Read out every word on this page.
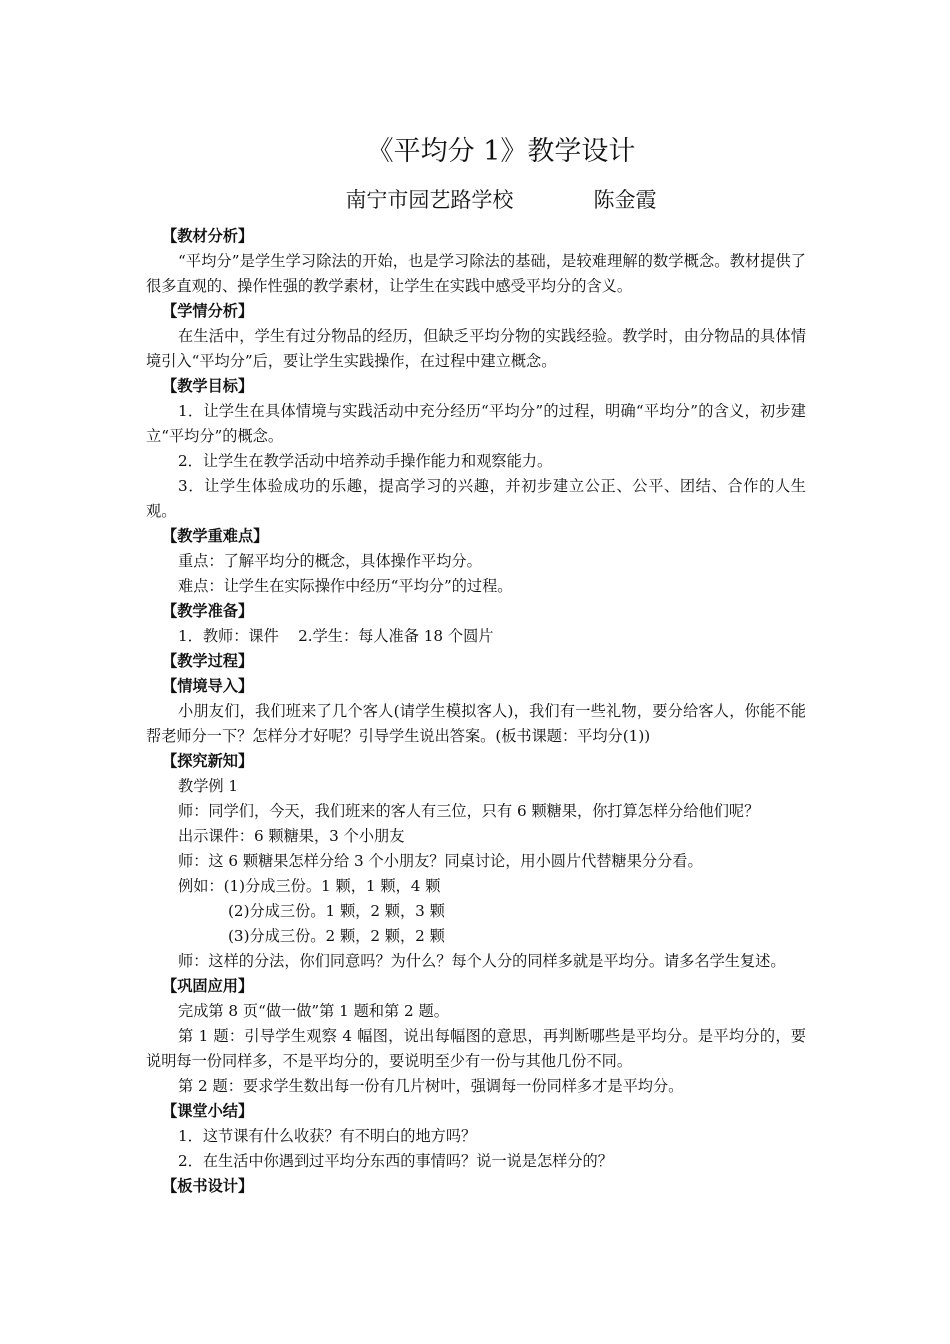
《平均分 1》教学设计
南宁市园艺路学校            陈金霞
【教材分析】
“平均分”是学生学习除法的开始，也是学习除法的基础，是较难理解的数学概念。教材提供了很多直观的、操作性强的教学素材，让学生在实践中感受平均分的含义。
【学情分析】
在生活中，学生有过分物品的经历，但缺乏平均分物的实践经验。教学时，由分物品的具体情境引入“平均分”后，要让学生实践操作，在过程中建立概念。
【教学目标】
1．让学生在具体情境与实践活动中充分经历“平均分”的过程，明确“平均分”的含义，初步建立“平均分”的概念。
2．让学生在教学活动中培养动手操作能力和观察能力。
3．让学生体验成功的乐趣，提高学习的兴趣，并初步建立公正、公平、团结、合作的人生观。
【教学重难点】
重点：了解平均分的概念，具体操作平均分。
难点：让学生在实际操作中经历“平均分”的过程。
【教学准备】
1．教师：课件    2.学生：每人准备 18 个圆片
【教学过程】
【情境导入】
小朋友们，我们班来了几个客人(请学生模拟客人)，我们有一些礼物，要分给客人，你能不能帮老师分一下？怎样分才好呢？引导学生说出答案。(板书课题：平均分(1))
【探究新知】
教学例 1
师：同学们，今天，我们班来的客人有三位，只有 6 颗糖果，你打算怎样分给他们呢？
出示课件：6 颗糖果，3 个小朋友
师：这 6 颗糖果怎样分给 3 个小朋友？同桌讨论，用小圆片代替糖果分分看。
例如：(1)分成三份。1 颗，1 颗，4 颗
(2)分成三份。1 颗，2 颗，3 颗
(3)分成三份。2 颗，2 颗，2 颗
师：这样的分法，你们同意吗？为什么？每个人分的同样多就是平均分。请多名学生复述。
【巩固应用】
完成第 8 页“做一做”第 1 题和第 2 题。
第 1 题：引导学生观察 4 幅图，说出每幅图的意思，再判断哪些是平均分。是平均分的，要说明每一份同样多，不是平均分的，要说明至少有一份与其他几份不同。
第 2 题：要求学生数出每一份有几片树叶，强调每一份同样多才是平均分。
【课堂小结】
1．这节课有什么收获？有不明白的地方吗？
2．在生活中你遇到过平均分东西的事情吗？说一说是怎样分的？
【板书设计】
